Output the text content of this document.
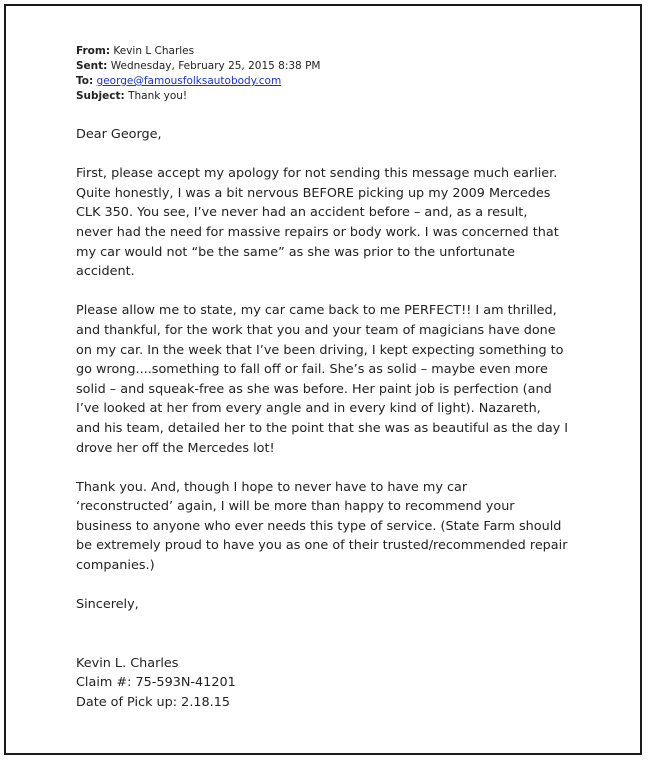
From: Kevin L Charles
Sent: Wednesday, February 25, 2015 8:38 PM
To: george@famousfolksautobody.com
Subject: Thank you!

Dear George,

First, please accept my apology for not sending this message much earlier.
Quite honestly, I was a bit nervous BEFORE picking up my 2009 Mercedes
CLK 350. You see, I’ve never had an accident before – and, as a result,
never had the need for massive repairs or body work. I was concerned that
my car would not “be the same” as she was prior to the unfortunate
accident.

Please allow me to state, my car came back to me PERFECT!! I am thrilled,
and thankful, for the work that you and your team of magicians have done
on my car. In the week that I’ve been driving, I kept expecting something to
go wrong....something to fall off or fail. She’s as solid – maybe even more
solid – and squeak-free as she was before. Her paint job is perfection (and
I’ve looked at her from every angle and in every kind of light). Nazareth,
and his team, detailed her to the point that she was as beautiful as the day I
drove her off the Mercedes lot!

Thank you. And, though I hope to never have to have my car
‘reconstructed’ again, I will be more than happy to recommend your
business to anyone who ever needs this type of service. (State Farm should
be extremely proud to have you as one of their trusted/recommended repair
companies.)

Sincerely,

Kevin L. Charles
Claim #: 75-593N-41201
Date of Pick up: 2.18.15
